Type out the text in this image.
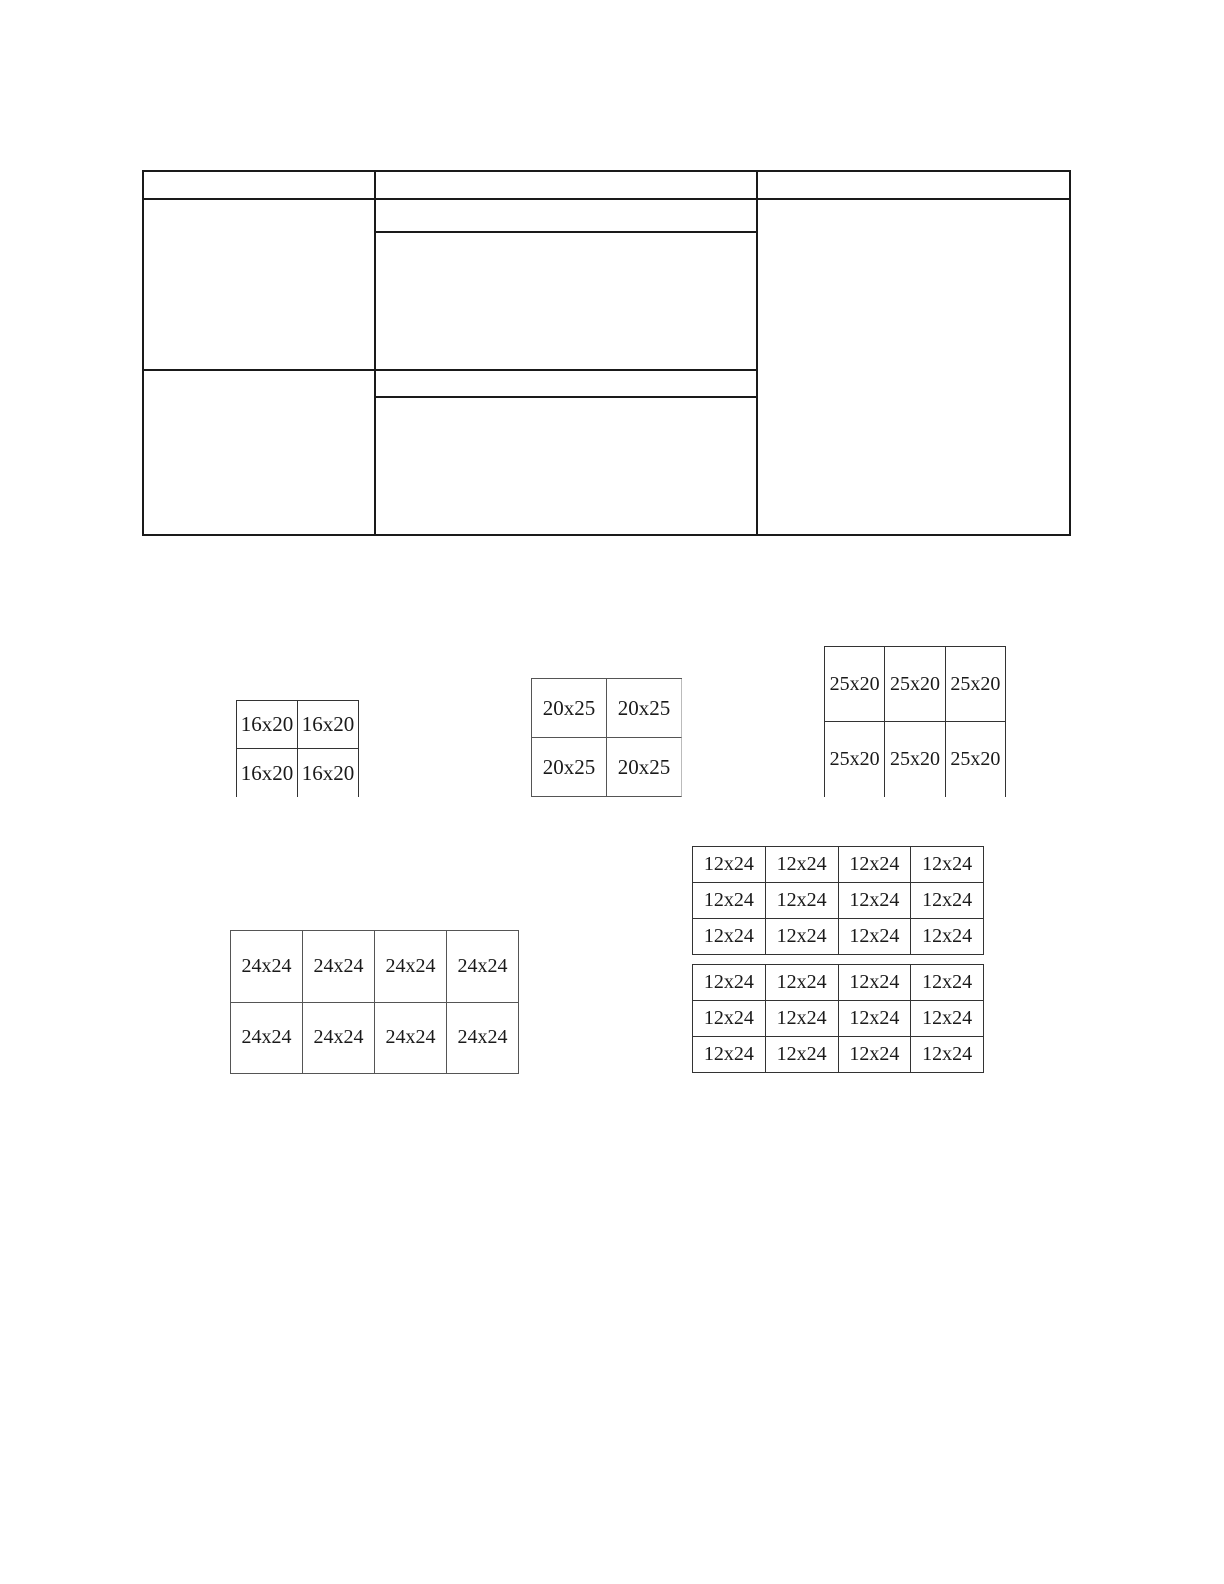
16x20 16x20
16x20 16x20
20x25	20x25
20x25	20x25
25x20 25x20 25x20
25x20 25x20 25x20
24x24	24x24	24x24	24x24
24x24	24x24	24x24	24x24
12x24	12x24	12x24	12x24
12x24	12x24	12x24	12x24
12x24	12x24	12x24	12x24
12x24	12x24	12x24	12x24
12x24	12x24	12x24	12x24
12x24	12x24	12x24	12x24
